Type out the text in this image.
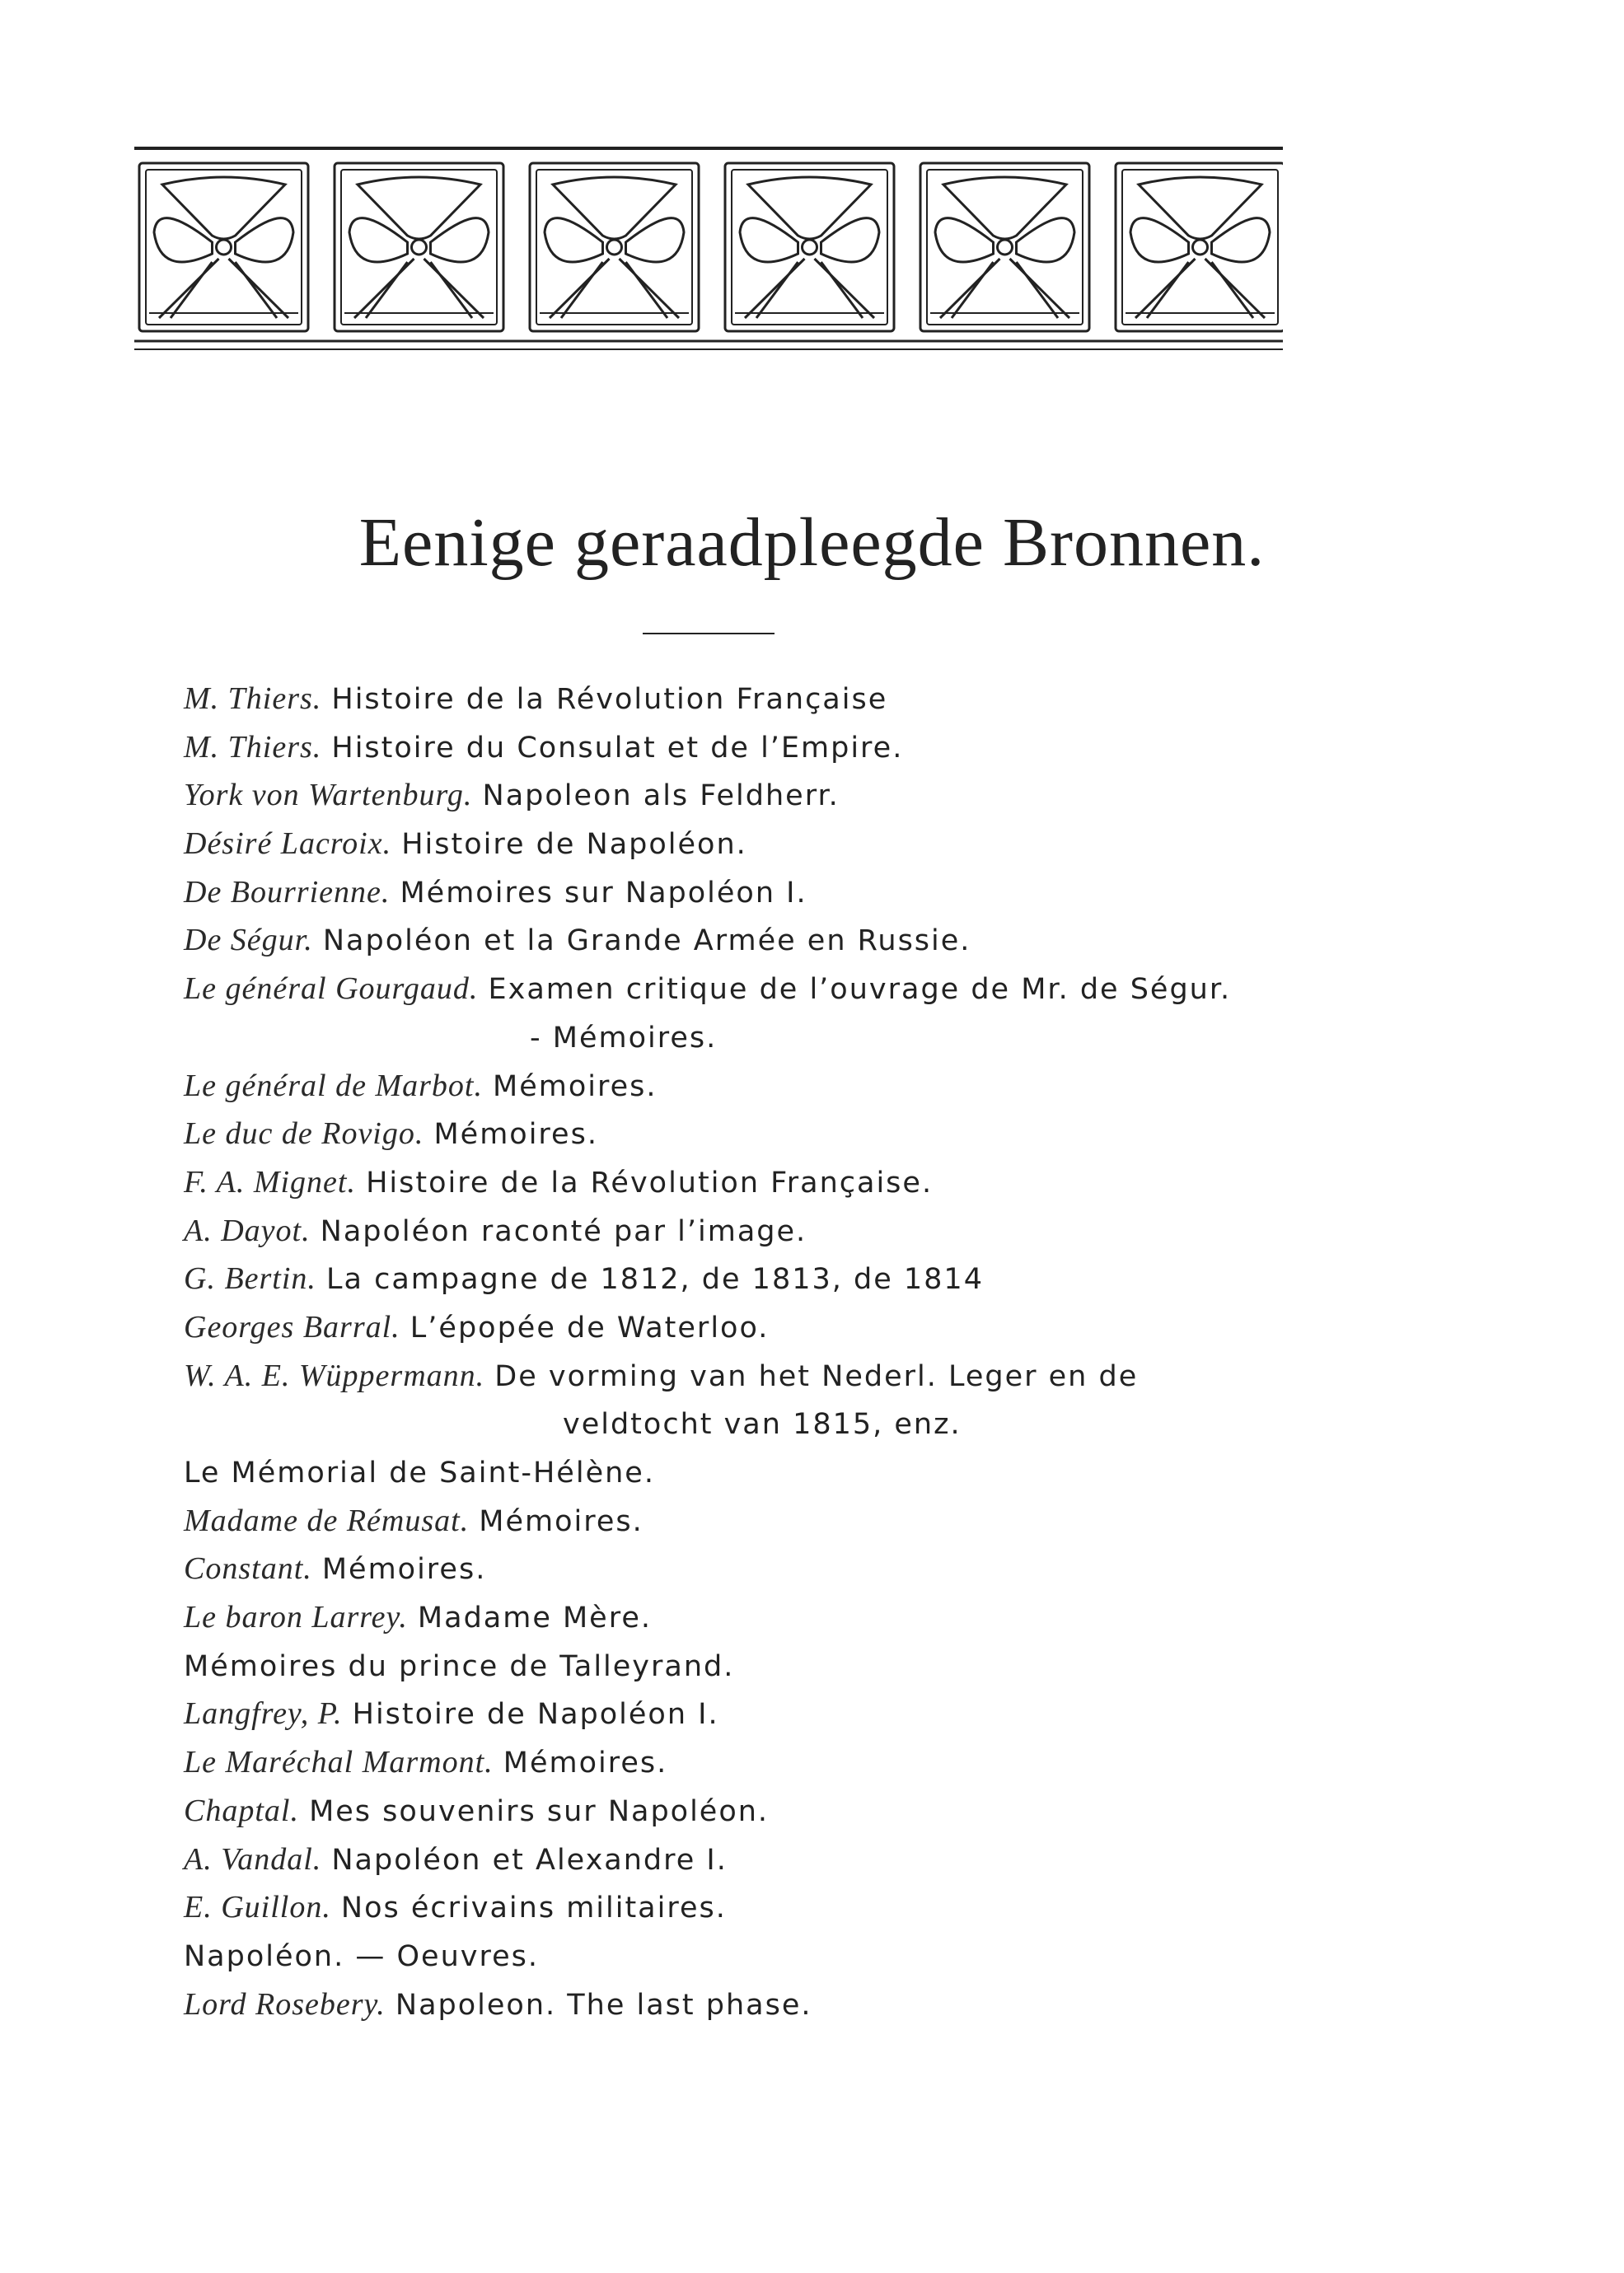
Eenige geraadpleegde Bronnen.
M. Thiers. Histoire de la Révolution Française
M. Thiers. Histoire du Consulat et de l’Empire.
York von Wartenburg. Napoleon als Feldherr.
Désiré Lacroix. Histoire de Napoléon.
De Bourrienne. Mémoires sur Napoléon I.
De Ségur. Napoléon et la Grande Armée en Russie.
Le général Gourgaud. Examen critique de l’ouvrage de Mr. de Ségur.
- Mémoires.
Le général de Marbot. Mémoires.
Le duc de Rovigo. Mémoires.
F. A. Mignet. Histoire de la Révolution Française.
A. Dayot. Napoléon raconté par l’image.
G. Bertin. La campagne de 1812, de 1813, de 1814
Georges Barral. L’épopée de Waterloo.
W. A. E. Wüppermann. De vorming van het Nederl. Leger en de
veldtocht van 1815, enz.
Le Mémorial de Saint-Hélène.
Madame de Rémusat. Mémoires.
Constant. Mémoires.
Le baron Larrey. Madame Mère.
Mémoires du prince de Talleyrand.
Langfrey, P. Histoire de Napoléon I.
Le Maréchal Marmont. Mémoires.
Chaptal. Mes souvenirs sur Napoléon.
A. Vandal. Napoléon et Alexandre I.
E. Guillon. Nos écrivains militaires.
Napoléon. — Oeuvres.
Lord Rosebery. Napoleon. The last phase.
